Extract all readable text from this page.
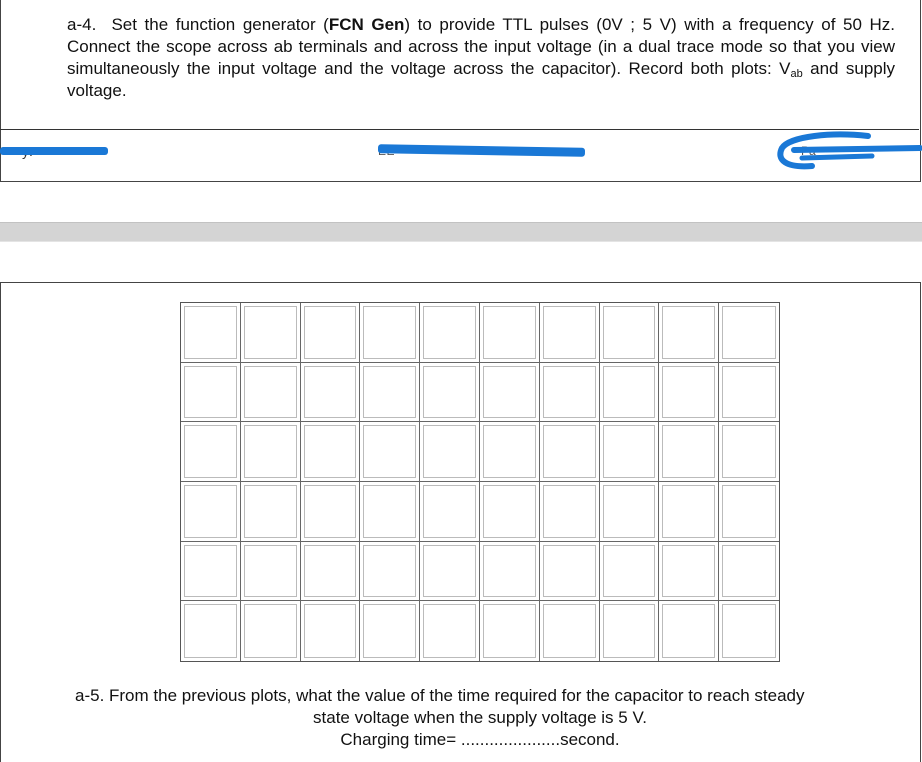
a-4. Set the function generator (FCN Gen) to provide TTL pulses (0V ; 5 V) with a frequency of 50 Hz. Connect the scope across ab terminals and across the input voltage (in a dual trace mode so that you view simultaneously the input voltage and the voltage across the capacitor). Record both plots: $V_{ab}$ and supply voltage.
Pa
a-5. From the previous plots, what the value of the time required for the capacitor to reach steady
state voltage when the supply voltage is 5 V.
Charging time= .....................second.
